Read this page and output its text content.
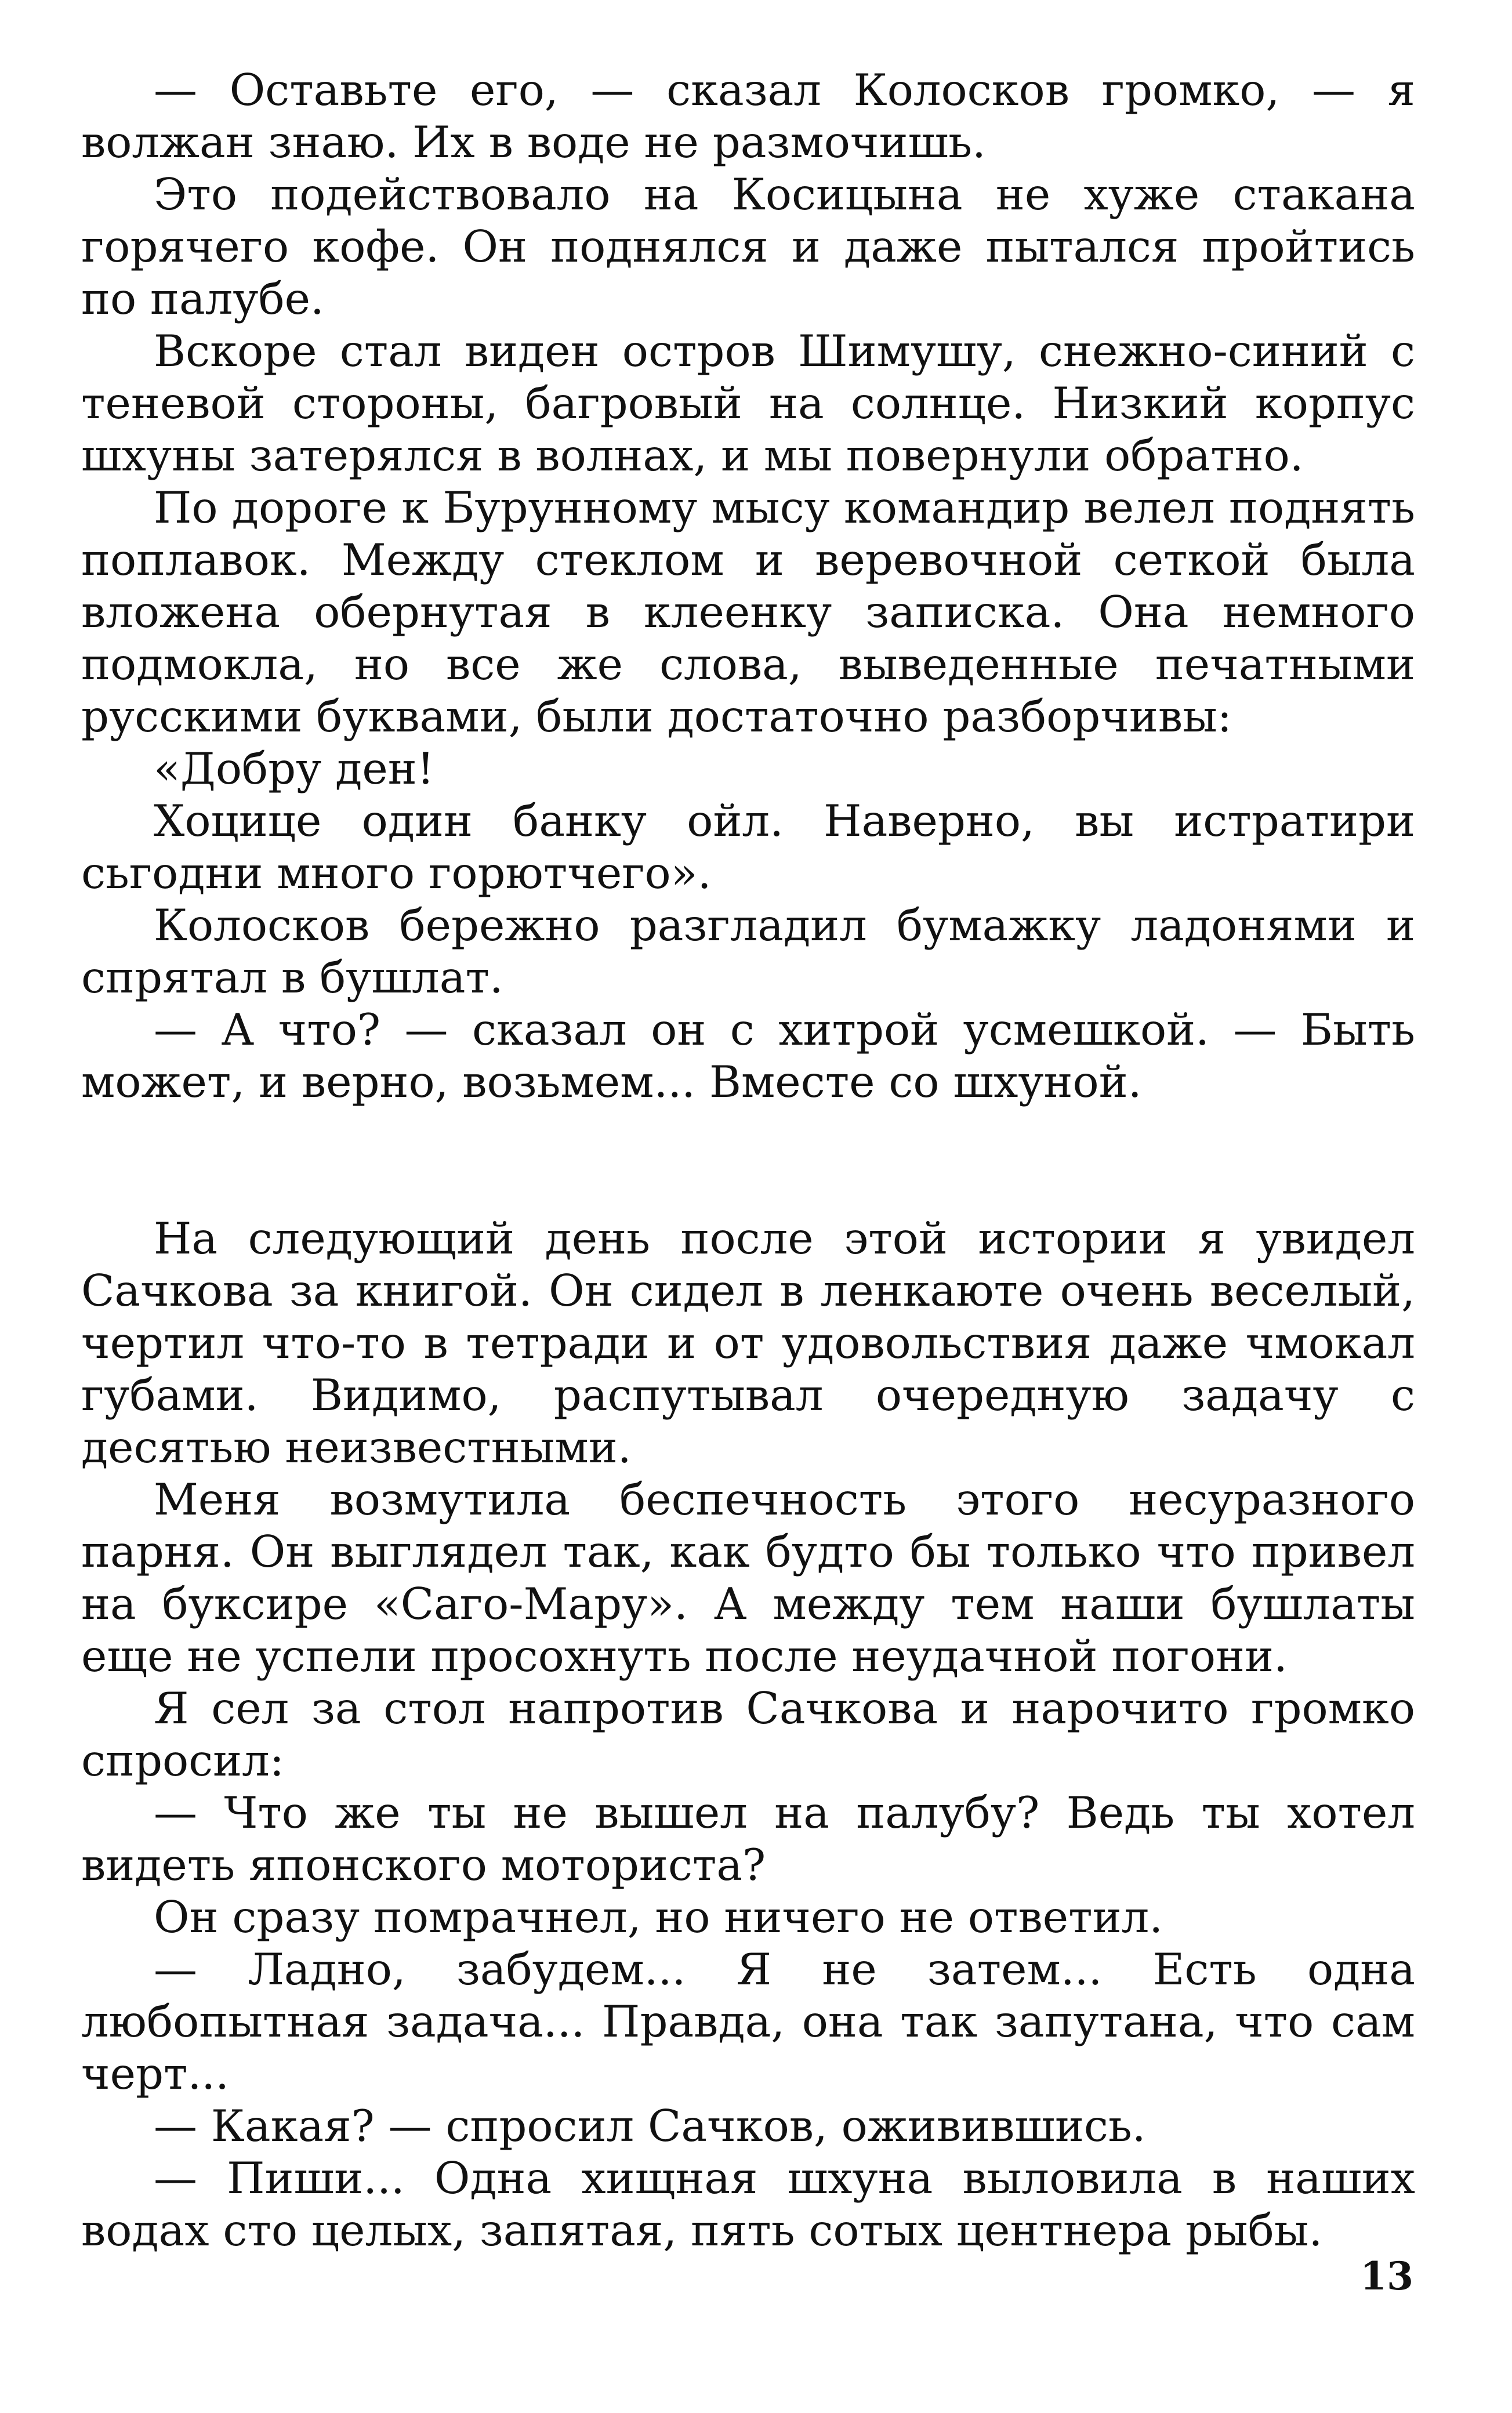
— Оставьте его, — сказал Колосков громко, — я волжан знаю. Их в воде не размочишь.

Это подействовало на Косицына не хуже стакана горячего кофе. Он поднялся и даже пытался пройтись по палубе.

Вскоре стал виден остров Шимушу, снежно-синий с теневой стороны, багровый на солнце. Низкий корпус шхуны затерялся в волнах, и мы повернули обратно.

По дороге к Бурунному мысу командир велел поднять поплавок. Между стеклом и веревочной сеткой была вложена обернутая в клеенку записка. Она немного подмокла, но все же слова, выведенные печатными русскими буквами, были достаточно разборчивы:

«Добру ден!

Хоцице один банку ойл. Наверно, вы истратири сьгодни много горютчего».

Колосков бережно разгладил бумажку ладонями и спрятал в бушлат.

— А что? — сказал он с хитрой усмешкой. — Быть может, и верно, возьмем... Вместе со шхуной.

На следующий день после этой истории я увидел Сачкова за книгой. Он сидел в ленкаюте очень веселый, чертил что-то в тетради и от удовольствия даже чмокал губами. Видимо, распутывал очередную задачу с десятью неизвестными.

Меня возмутила беспечность этого несуразного парня. Он выглядел так, как будто бы только что привел на буксире «Саго-Мару». А между тем наши бушлаты еще не успели просохнуть после неудачной погони.

Я сел за стол напротив Сачкова и нарочито громко спросил:

— Что же ты не вышел на палубу? Ведь ты хотел видеть японского моториста?

Он сразу помрачнел, но ничего не ответил.

— Ладно, забудем... Я не затем... Есть одна любопытная задача... Правда, она так запутана, что сам черт...

— Какая? — спросил Сачков, оживившись.

— Пиши... Одна хищная шхуна выловила в наших водах сто целых, запятая, пять сотых центнера рыбы.

13
